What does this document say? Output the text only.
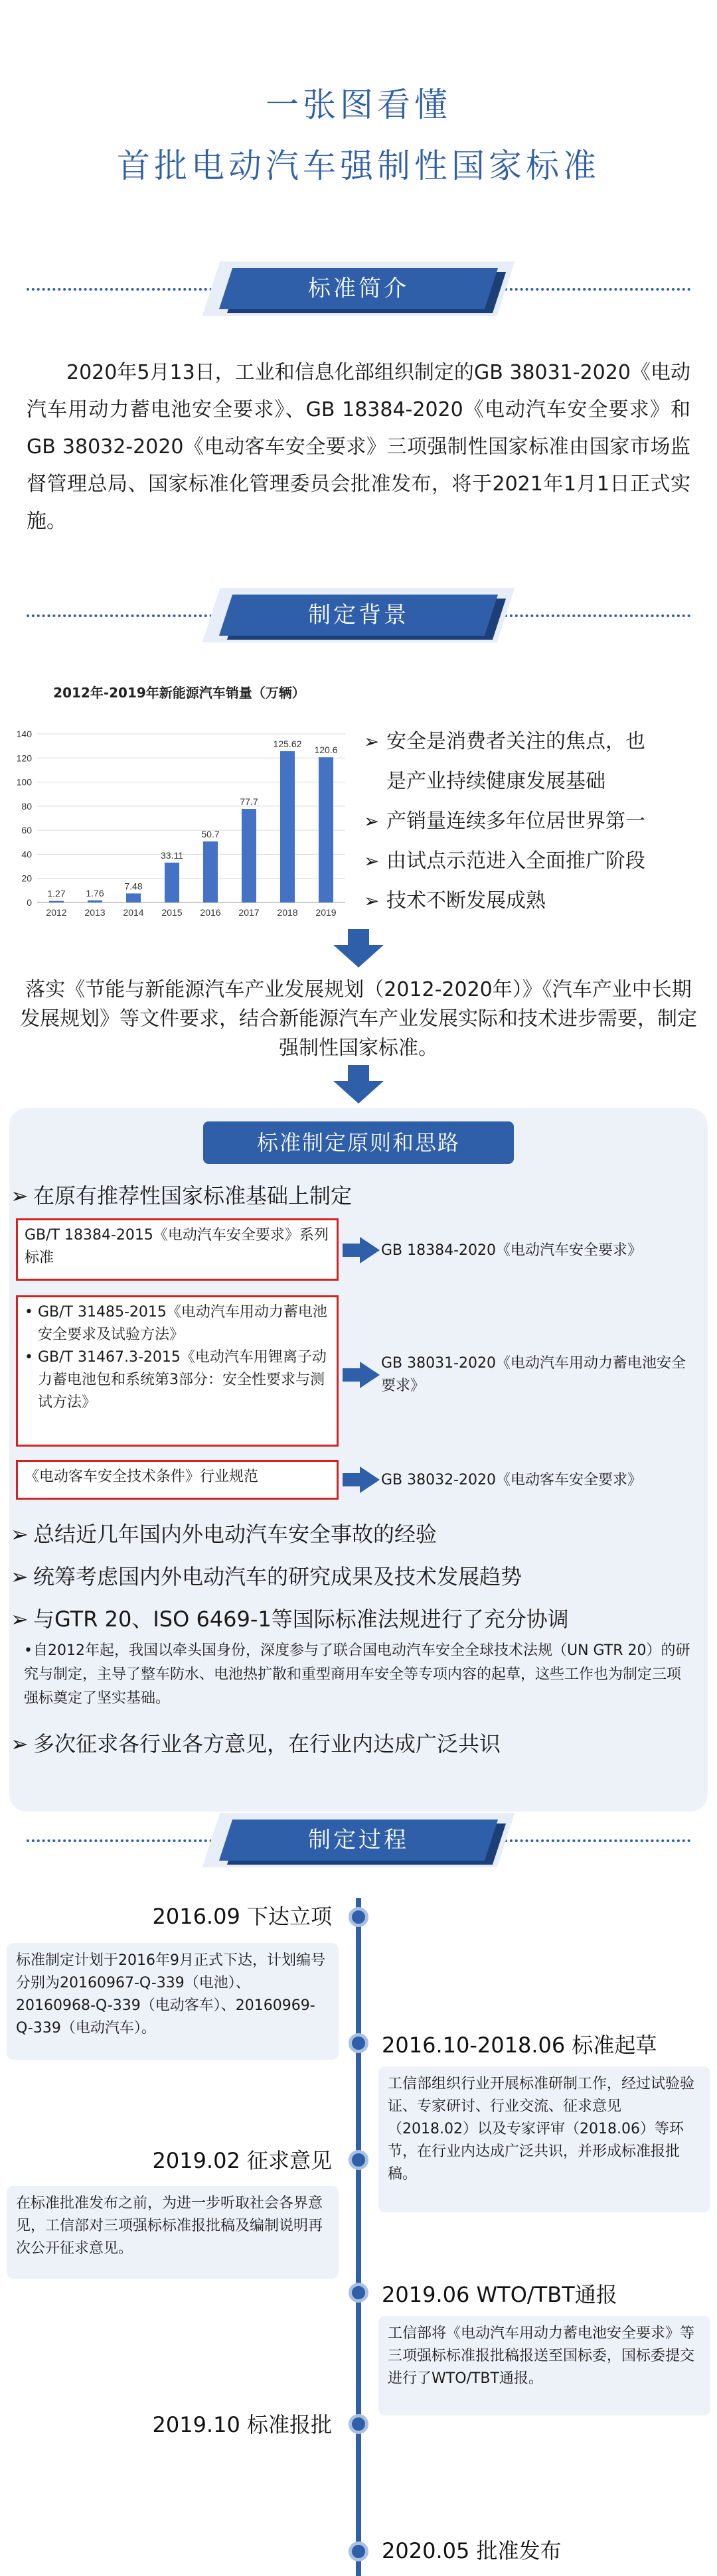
一张图看懂
首批电动汽车强制性国家标准
标准简介
2020年5月13日，工业和信息化部组织制定的GB 38031-2020《电动汽车用动力蓄电池安全要求》、GB 18384-2020《电动汽车安全要求》和GB 38032-2020《电动客车安全要求》三项强制性国家标准由国家市场监督管理总局、国家标准化管理委员会批准发布，将于2021年1月1日正式实施。
制定背景
2012年-2019年新能源汽车销量（万辆）
0
20
40
60
80
100
120
140
1.27
2012
1.76
2013
7.48
2014
33.11
2015
50.7
2016
77.7
2017
125.62
2018
120.6
2019
➢ 安全是消费者关注的焦点，也
是产业持续健康发展基础
➢ 产销量连续多年位居世界第一
➢ 由试点示范进入全面推广阶段
➢ 技术不断发展成熟
落实《节能与新能源汽车产业发展规划（2012-2020年）》《汽车产业中长期发展规划》等文件要求，结合新能源汽车产业发展实际和技术进步需要，制定强制性国家标准。
标准制定原则和思路
➢ 在原有推荐性国家标准基础上制定
GB/T 18384-2015《电动汽车安全要求》系列标准	GB 18384-2020《电动汽车安全要求》
• GB/T 31485-2015《电动汽车用动力蓄电池安全要求及试验方法》
• GB/T 31467.3-2015《电动汽车用锂离子动力蓄电池包和系统第3部分：安全性要求与测试方法》
GB 38031-2020《电动汽车用动力蓄电池安全要求》
《电动客车安全技术条件》行业规范	GB 38032-2020《电动客车安全要求》
➢ 总结近几年国内外电动汽车安全事故的经验
➢ 统筹考虑国内外电动汽车的研究成果及技术发展趋势
➢ 与GTR 20、ISO 6469-1等国际标准法规进行了充分协调
•自2012年起，我国以牵头国身份，深度参与了联合国电动汽车安全全球技术法规（UN GTR 20）的研究与制定，主导了整车防水、电池热扩散和重型商用车安全等专项内容的起草，这些工作也为制定三项强标奠定了坚实基础。
➢ 多次征求各行业各方意见，在行业内达成广泛共识
制定过程
2016.09 下达立项
标准制定计划于2016年9月正式下达，计划编号分别为20160967-Q-339（电池）、20160968-Q-339（电动客车）、20160969-Q-339（电动汽车）。
2016.10-2018.06 标准起草
工信部组织行业开展标准研制工作，经过试验验证、专家研讨、行业交流、征求意见（2018.02）以及专家评审（2018.06）等环节，在行业内达成广泛共识，并形成标准报批稿。
2019.02 征求意见
在标准批准发布之前，为进一步听取社会各界意见，工信部对三项强标标准报批稿及编制说明再次公开征求意见。
2019.06 WTO/TBT通报
工信部将《电动汽车用动力蓄电池安全要求》等三项强标标准报批稿报送至国标委，国标委提交进行了WTO/TBT通报。
2019.10 标准报批
2020.05 批准发布
